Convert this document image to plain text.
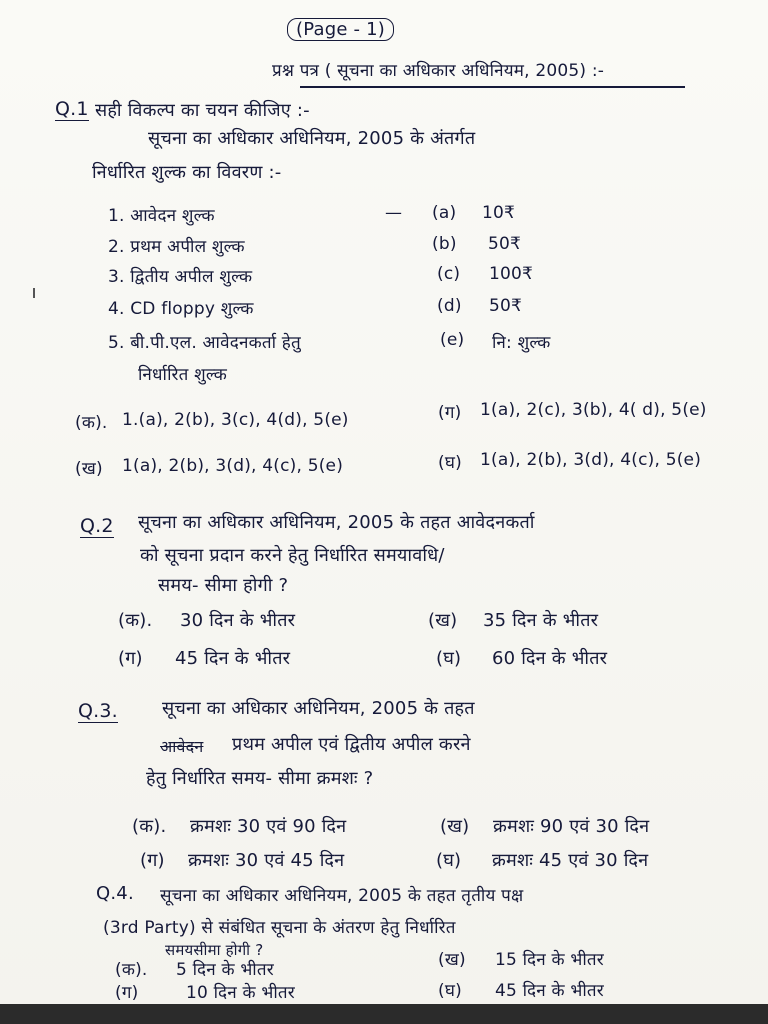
(Page - 1)
प्रश्न पत्र ( सूचना का अधिकार अधिनियम, 2005) :-
Q.1 सही विकल्प का चयन कीजिए :-
सूचना का अधिकार अधिनियम, 2005 के अंतर्गत
निर्धारित शुल्क का विवरण :-
1. आवेदन शुल्क	— (a) 10₹
2. प्रथम अपील शुल्क	(b) 50₹
3. द्वितीय अपील शुल्क	(c) 100₹
4. CD floppy शुल्क	(d) 50₹
5. बी.पी.एल. आवेदनकर्ता हेतु	(e) नि: शुल्क
निर्धारित शुल्क
(क). 1.(a), 2(b), 3(c), 4(d), 5(e)	(ग) 1(a), 2(c), 3(b), 4( d), 5(e)
(ख) 1(a), 2(b), 3(d), 4(c), 5(e)	(घ) 1(a), 2(b), 3(d), 4(c), 5(e)
Q.2 सूचना का अधिकार अधिनियम, 2005 के तहत आवेदनकर्ता
को सूचना प्रदान करने हेतु निर्धारित समयावधि/
समय- सीमा होगी ?
(क). 30 दिन के भीतर	(ख) 35 दिन के भीतर
(ग) 45 दिन के भीतर	(घ) 60 दिन के भीतर
Q.3. सूचना का अधिकार अधिनियम, 2005 के तहत
आवेदन प्रथम अपील एवं द्वितीय अपील करने
हेतु निर्धारित समय- सीमा क्रमशः ?
(क). क्रमशः 30 एवं 90 दिन	(ख) क्रमशः 90 एवं 30 दिन
(ग) क्रमशः 30 एवं 45 दिन	(घ) क्रमशः 45 एवं 30 दिन
Q.4. सूचना का अधिकार अधिनियम, 2005 के तहत तृतीय पक्ष
(3rd Party) से संबंधित सूचना के अंतरण हेतु निर्धारित
समयसीमा होगी ?
(क). 5 दिन के भीतर	(ख) 15 दिन के भीतर
(ग)	10 दिन के भीतर	(घ) 45 दिन के भीतर
